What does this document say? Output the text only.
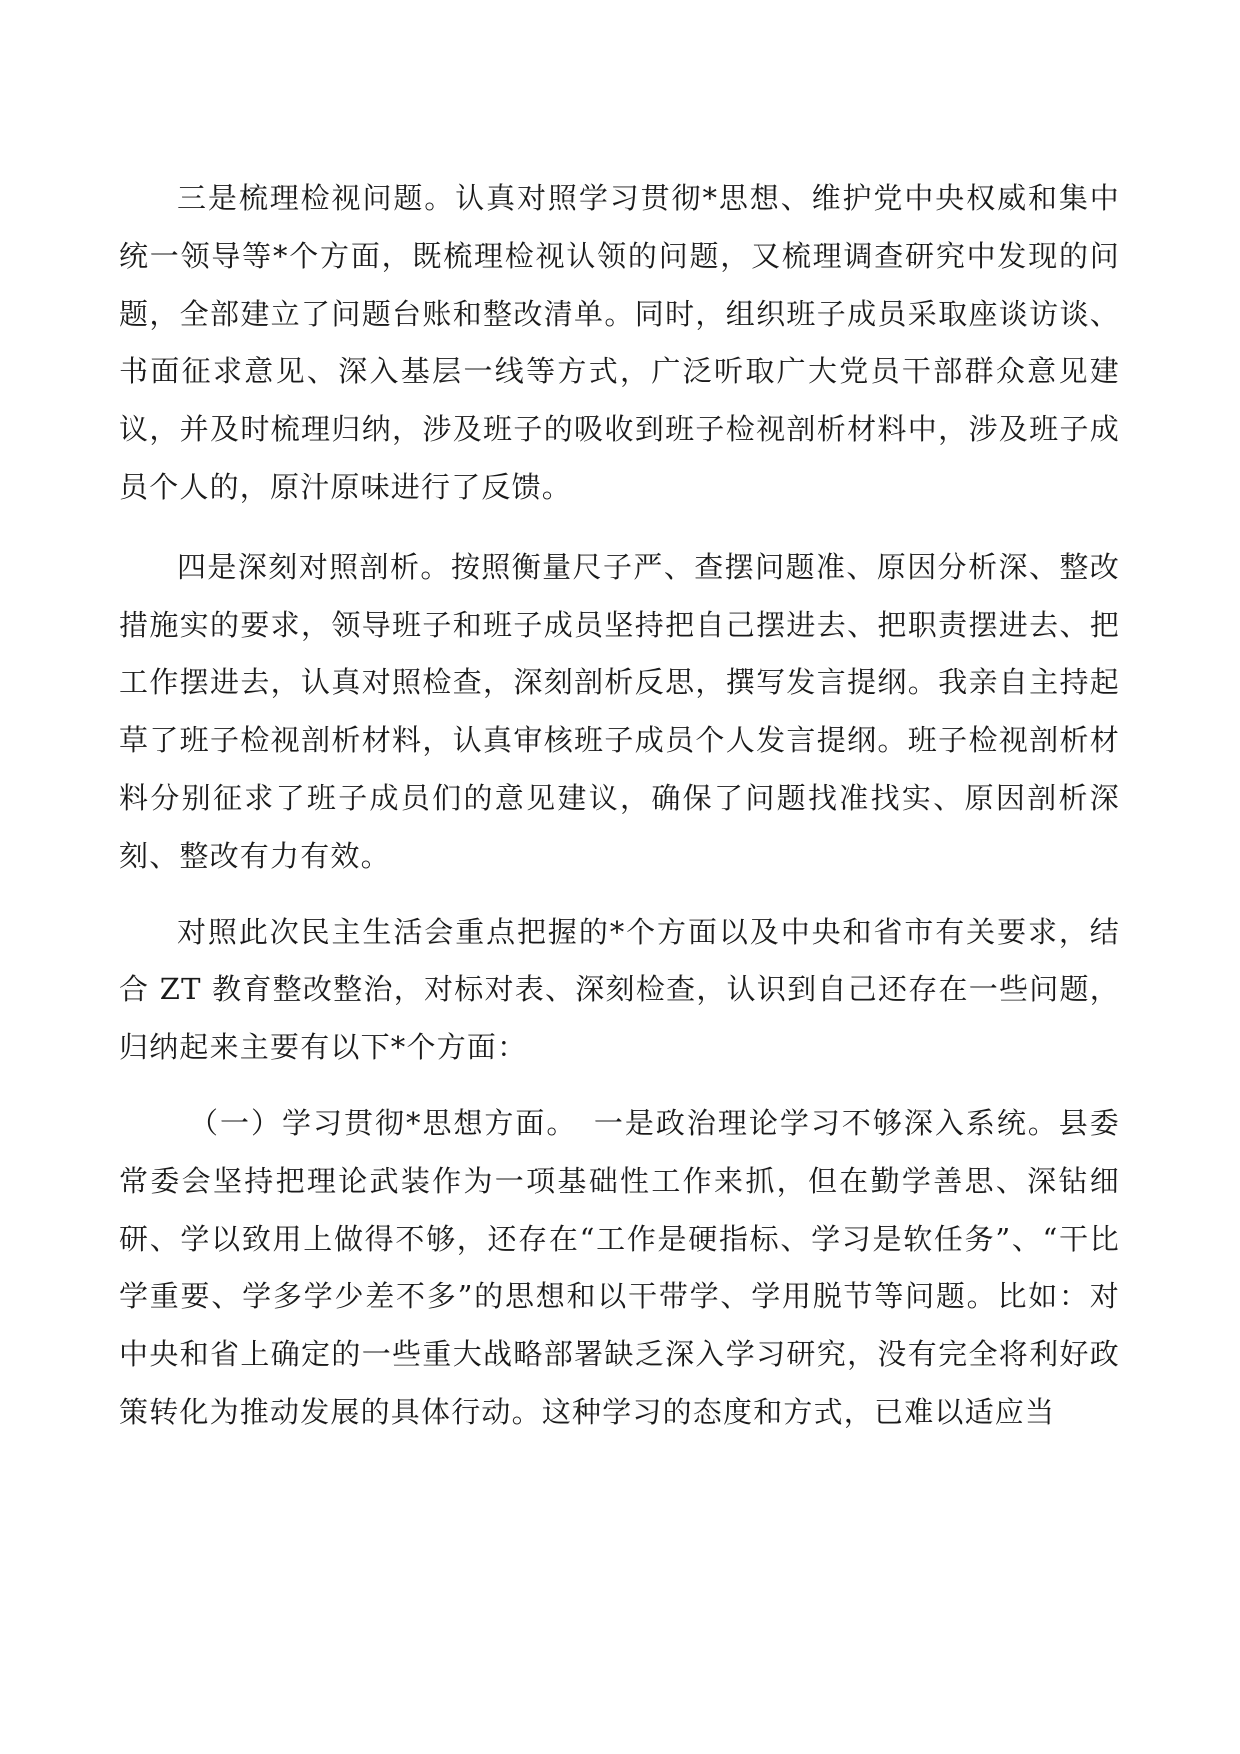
三是梳理检视问题。认真对照学习贯彻*思想、维护党中央权威和集中统一领导等*个方面，既梳理检视认领的问题，又梳理调查研究中发现的问题，全部建立了问题台账和整改清单。同时，组织班子成员采取座谈访谈、书面征求意见、深入基层一线等方式，广泛听取广大党员干部群众意见建议，并及时梳理归纳，涉及班子的吸收到班子检视剖析材料中，涉及班子成员个人的，原汁原味进行了反馈。

四是深刻对照剖析。按照衡量尺子严、查摆问题准、原因分析深、整改措施实的要求，领导班子和班子成员坚持把自己摆进去、把职责摆进去、把工作摆进去，认真对照检查，深刻剖析反思，撰写发言提纲。我亲自主持起草了班子检视剖析材料，认真审核班子成员个人发言提纲。班子检视剖析材料分别征求了班子成员们的意见建议，确保了问题找准找实、原因剖析深刻、整改有力有效。

对照此次民主生活会重点把握的*个方面以及中央和省市有关要求，结合 ZT 教育整改整治，对标对表、深刻检查，认识到自己还存在一些问题，归纳起来主要有以下*个方面：

（一）学习贯彻*思想方面。　一是政治理论学习不够深入系统。县委常委会坚持把理论武装作为一项基础性工作来抓，但在勤学善思、深钻细研、学以致用上做得不够，还存在“工作是硬指标、学习是软任务”、“干比学重要、学多学少差不多”的思想和以干带学、学用脱节等问题。比如：对中央和省上确定的一些重大战略部署缺乏深入学习研究，没有完全将利好政策转化为推动发展的具体行动。这种学习的态度和方式，已难以适应当
